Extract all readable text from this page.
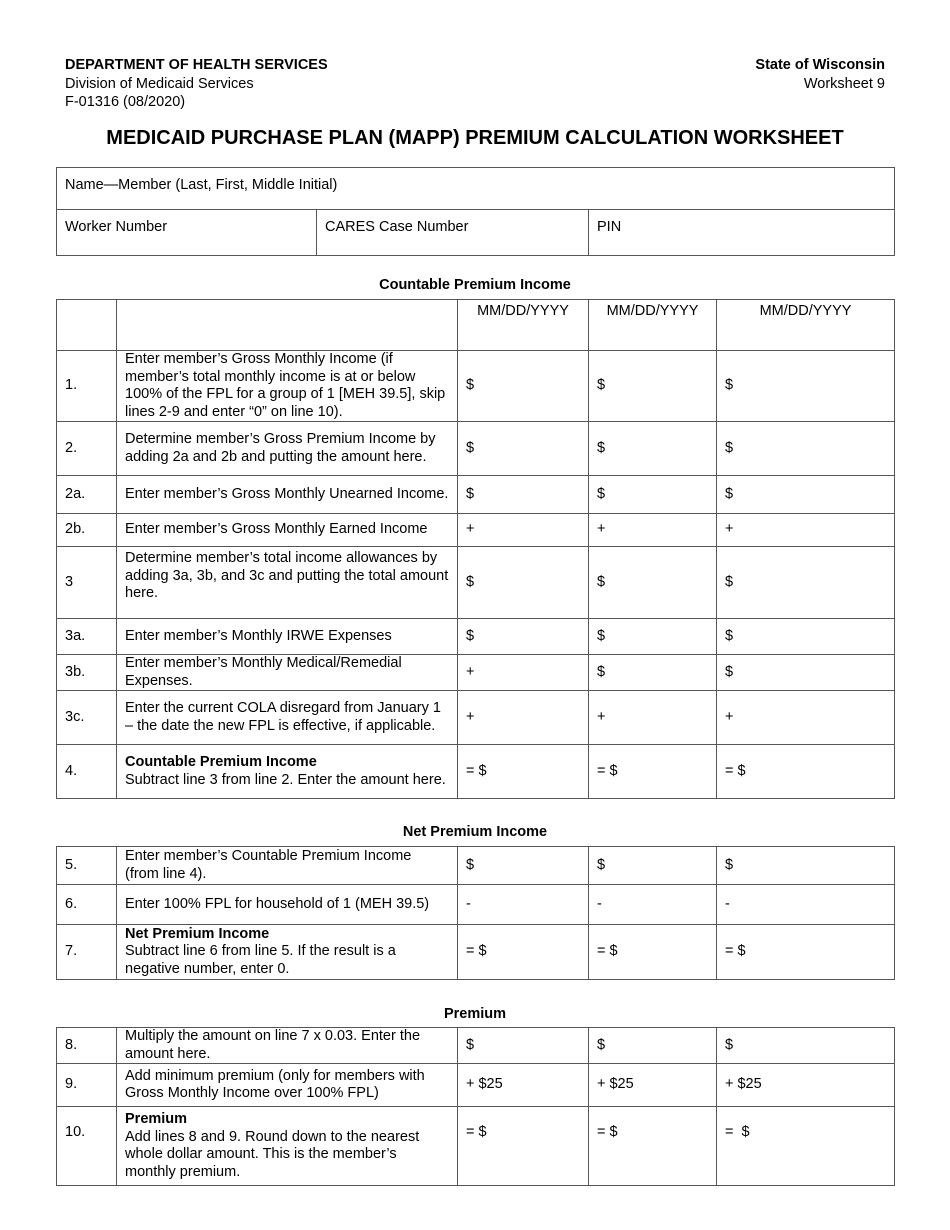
DEPARTMENT OF HEALTH SERVICES
Division of Medicaid Services
F-01316 (08/2020)
State of Wisconsin
Worksheet 9
MEDICAID PURCHASE PLAN (MAPP) PREMIUM CALCULATION WORKSHEET
Name—Member (Last, First, Middle Initial)
Worker Number	CARES Case Number	PIN
Countable Premium Income
		MM/DD/YYYY	MM/DD/YYYY	MM/DD/YYYY
1.	Enter member’s Gross Monthly Income (if member’s total monthly income is at or below 100% of the FPL for a group of 1 [MEH 39.5], skip lines 2-9 and enter “0” on line 10).	$	$	$
2.	Determine member’s Gross Premium Income by adding 2a and 2b and putting the amount here.	$	$	$
2a.	Enter member’s Gross Monthly Unearned Income.	$	$	$
2b.	Enter member’s Gross Monthly Earned Income	+	+	+
3	Determine member’s total income allowances by adding 3a, 3b, and 3c and putting the total amount here.	$	$	$
3a.	Enter member’s Monthly IRWE Expenses	$	$	$
3b.	Enter member’s Monthly Medical/Remedial Expenses.	+	$	$
3c.	Enter the current COLA disregard from January 1 – the date the new FPL is effective, if applicable.	+	+	+
4.	Countable Premium Income
Subtract line 3 from line 2. Enter the amount here.	= $	= $	= $
Net Premium Income
5.	Enter member’s Countable Premium Income (from line 4).	$	$	$
6.	Enter 100% FPL for household of 1 (MEH 39.5)	-	-	-
7.	Net Premium Income
Subtract line 6 from line 5. If the result is a negative number, enter 0.	= $	= $	= $
Premium
8.	Multiply the amount on line 7 x 0.03. Enter the amount here.	$	$	$
9.	Add minimum premium (only for members with Gross Monthly Income over 100% FPL)	+ $25	+ $25	+ $25
10.	Premium
Add lines 8 and 9. Round down to the nearest whole dollar amount. This is the member’s monthly premium.	= $	= $	=  $
